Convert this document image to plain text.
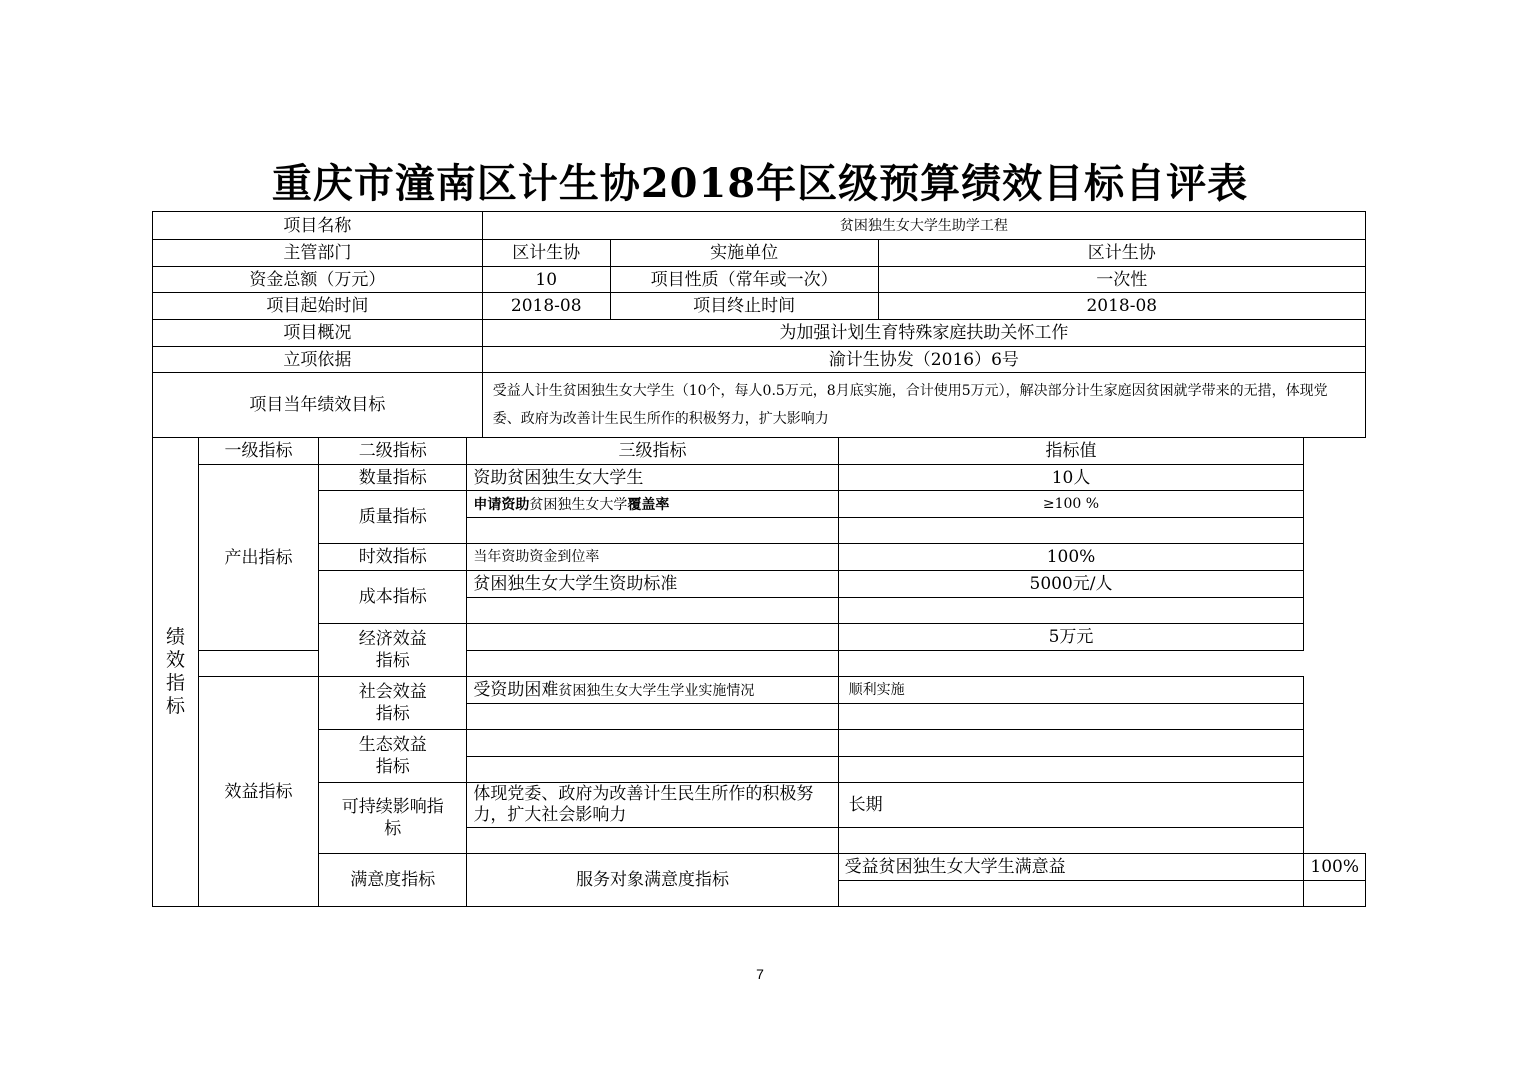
重庆市潼南区计生协2018年区级预算绩效目标自评表
项目名称	贫困独生女大学生助学工程		
主管部门	区计生协	实施单位	区计生协
资金总额（万元）	10	项目性质（常年或一次）	一次性
项目起始时间	2018-08	项目终止时间	2018-08
项目概况	为加强计划生育特殊家庭扶助关怀工作		
立项依据	渝计生协发（2016）6号		
项目当年绩效目标	受益人计生贫困独生女大学生（10个，每人0.5万元，8月底实施，合计使用5万元），解决部分计生家庭因贫困就学带来的无措，体现党委、政府为改善计生民生所作的积极努力，扩大影响力		
绩效指标	一级指标	二级指标	三级指标	指标值	
	产出指标	数量指标	资助贫困独生女大学生	10人	
		质量指标	申请资助贫困独生女大学覆盖率	≥100 %	

		时效指标	当年资助资金到位率	100%	
		成本指标	贫困独生女大学生资助标准	5000元/人	

		经济效益指标		5万元	

	效益指标	社会效益指标	受资助困难贫困独生女大学生学业实施情况	顺利实施	

		生态效益指标			

		可持续影响指标	体现党委、政府为改善计生民生所作的积极努力，扩大社会影响力	长期	

		满意度指标	服务对象满意度指标	受益贫困独生女大学生满意益	100%

7
